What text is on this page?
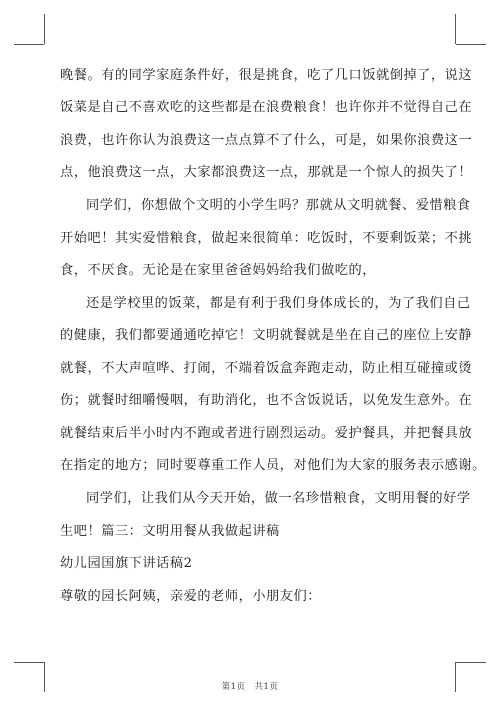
晚餐。有的同学家庭条件好，很是挑食，吃了几口饭就倒掉了，说这
饭菜是自己不喜欢吃的这些都是在浪费粮食！也许你并不觉得自己在
浪费，也许你认为浪费这一点点算不了什么，可是，如果你浪费这一
点，他浪费这一点，大家都浪费这一点，那就是一个惊人的损失了！
同学们，你想做个文明的小学生吗？那就从文明就餐、爱惜粮食
开始吧！其实爱惜粮食，做起来很简单：吃饭时，不要剩饭菜；不挑
食，不厌食。无论是在家里爸爸妈妈给我们做吃的，
还是学校里的饭菜，都是有利于我们身体成长的，为了我们自己
的健康，我们都要通通吃掉它！文明就餐就是坐在自己的座位上安静
就餐，不大声喧哗、打闹，不端着饭盒奔跑走动，防止相互碰撞或烫
伤；就餐时细嚼慢咽，有助消化，也不含饭说话，以免发生意外。在
就餐结束后半小时内不跑或者进行剧烈运动。爱护餐具，并把餐具放
在指定的地方；同时要尊重工作人员，对他们为大家的服务表示感谢。
同学们，让我们从今天开始，做一名珍惜粮食，文明用餐的好学
生吧！篇三：文明用餐从我做起讲稿
幼儿园国旗下讲话稿2
尊敬的园长阿姨，亲爱的老师，小朋友们：
第1页　共1页
